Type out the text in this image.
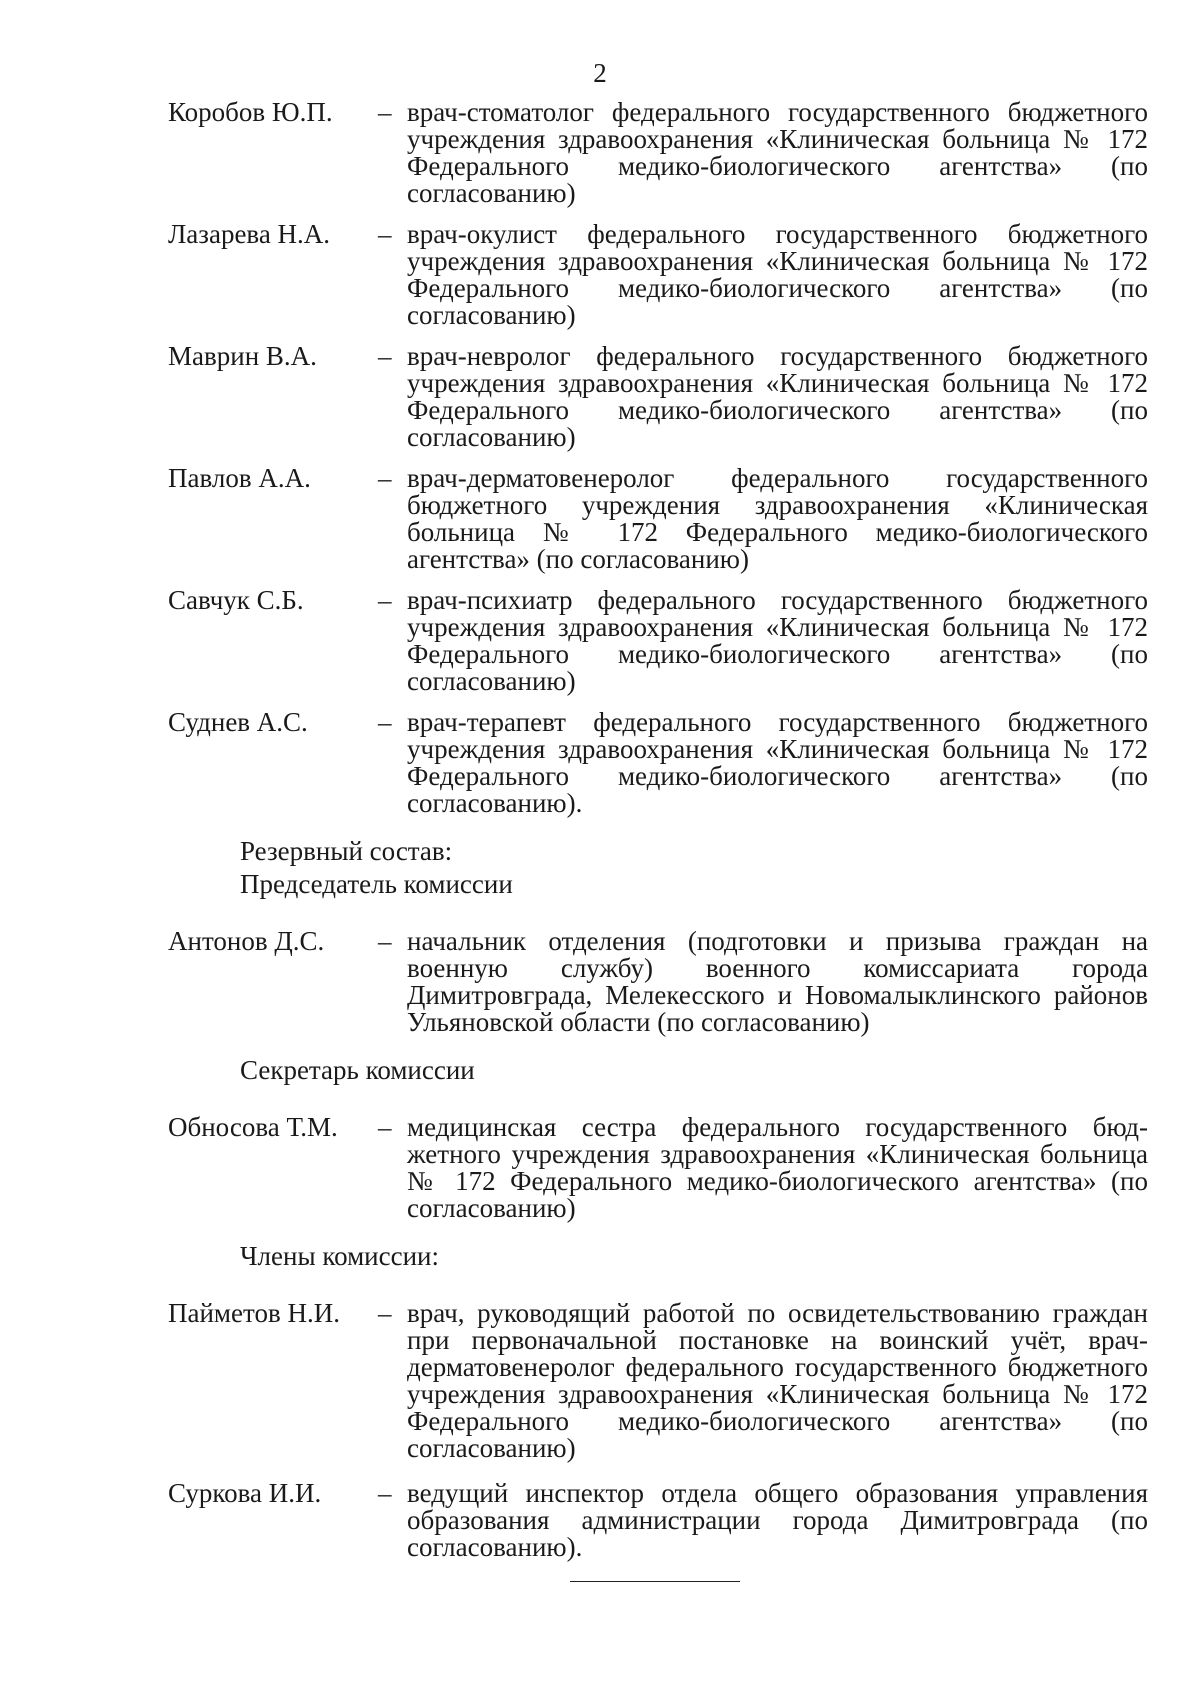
2
Коробов Ю.П.	– врач-стоматолог федерального государственного бюджетного учреждения здравоохранения «Клиническая больница № 172 Федерального медико-биологического агентства» (по согласованию)
Лазарева Н.А.	– врач-окулист федерального государственного бюджетного учреждения здравоохранения «Клиническая больница № 172 Федерального медико-биологического агентства» (по согласованию)
Маврин В.А.	– врач-невролог федерального государственного бюджетного учреждения здравоохранения «Клиническая больница № 172 Федерального медико-биологического агентства» (по согласованию)
Павлов А.А.	– врач-дерматовенеролог федерального государственного бюджетного учреждения здравоохранения «Клиническая больница № 172 Федерального медико-биологического агентства» (по согласованию)
Савчук С.Б.	– врач-психиатр федерального государственного бюджетного учреждения здравоохранения «Клиническая больница № 172 Федерального медико-биологического агентства» (по согласованию)
Суднев А.С.	– врач-терапевт федерального государственного бюджетного учреждения здравоохранения «Клиническая больница № 172 Федерального медико-биологического агентства» (по согласованию).
Резервный состав:
Председатель комиссии
Антонов Д.С.	– начальник отделения (подготовки и призыва граждан на военную службу) военного комиссариата города Димитровграда, Мелекесского и Новомалыклинского районов Ульяновской области (по согласованию)
Секретарь комиссии
Обносова Т.М.	– медицинская сестра федерального государственного бюджетного учреждения здравоохранения «Клиническая больница № 172 Федерального медико-биологического агентства» (по согласованию)
Члены комиссии:
Пайметов Н.И.	– врач, руководящий работой по освидетельствованию граждан при первоначальной постановке на воинский учёт, врач-дерматовенеролог федерального государственного бюджетного учреждения здравоохранения «Клиническая больница № 172 Федерального медико-биологического агентства» (по согласованию)
Суркова И.И.	– ведущий инспектор отдела общего образования управления образования администрации города Димитровграда (по согласованию).
